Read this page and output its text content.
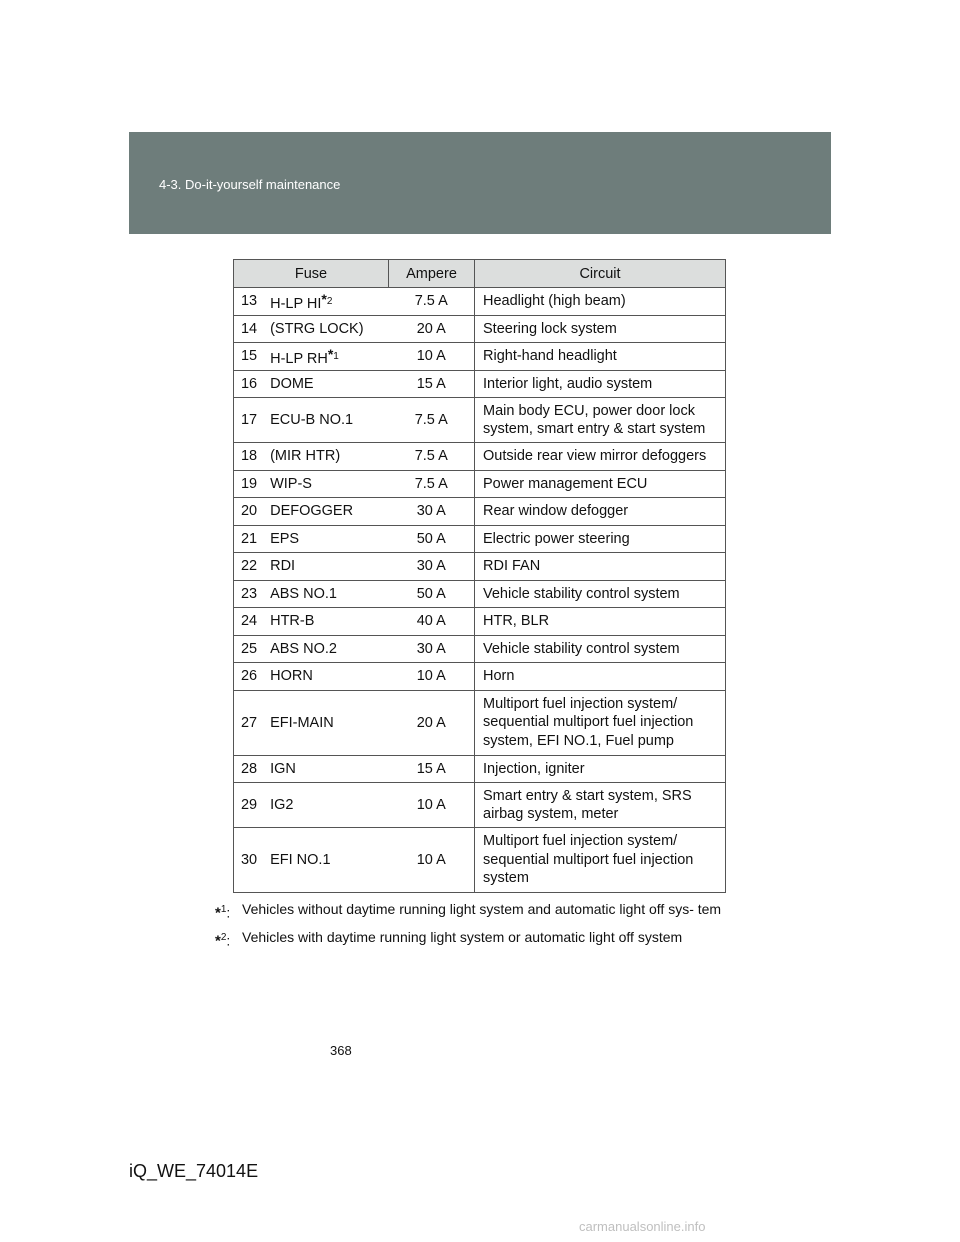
4-3. Do-it-yourself maintenance
Fuse		Ampere	Circuit
13	H-LP HI$^{*2}$	7.5 A	Headlight (high beam)

14	(STRG LOCK)	20 A	Steering lock system

15	H-LP RH$^{*1}$	10 A	Right-hand headlight

16	DOME	15 A	Interior light, audio system

17	ECU-B NO.1	7.5 A	Main body ECU, power door lock
system, smart entry & start system

18	(MIR HTR)	7.5 A	Outside rear view mirror defoggers

19	WIP-S	7.5 A	Power management ECU

20	DEFOGGER	30 A	Rear window defogger

21	EPS	50 A	Electric power steering

22	RDI	30 A	RDI FAN

23	ABS NO.1	50 A	Vehicle stability control system

24	HTR-B	40 A	HTR, BLR

25	ABS NO.2	30 A	Vehicle stability control system

26	HORN	10 A	Horn

27	EFI-MAIN	20 A	Multiport fuel injection system/
sequential multiport fuel injection
system, EFI NO.1, Fuel pump

28	IGN	15 A	Injection, igniter

29	IG2	10 A	Smart entry & start system, SRS
airbag system, meter

30	EFI NO.1	10 A	Multiport fuel injection system/
sequential multiport fuel injection
system
*$^1$: Vehicles without daytime running light system and automatic light off sys- tem
*$^2$: Vehicles with daytime running light system or automatic light off system
368
iQ_WE_74014E
carmanualsonline.info
